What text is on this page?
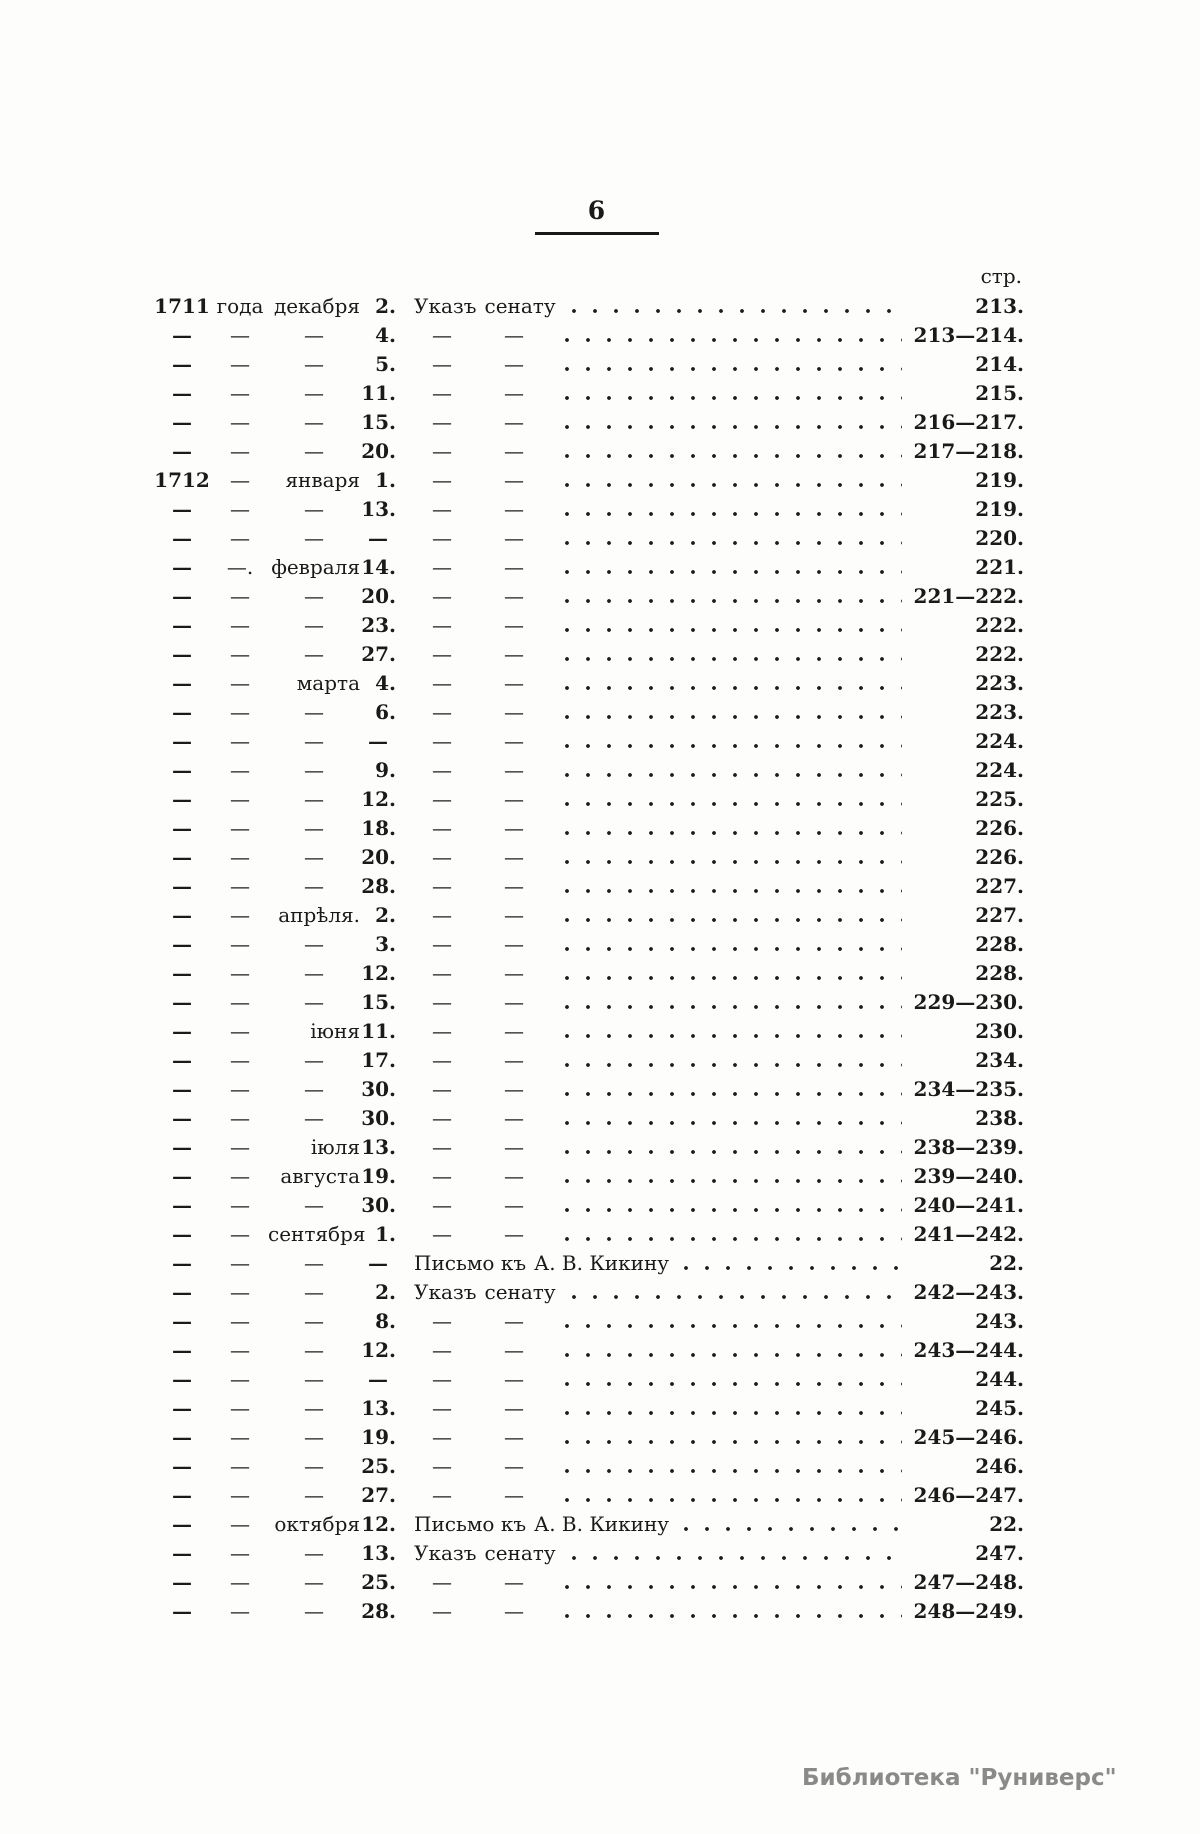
6
стр.
1711 года декабря 2. Указъ сенату	213.
—	—	—	4.	—	—	213—214.
—	—	—	5.	—	—	214.
—	—	—	11.	—	—	215.
—	—	—	15.	—	—	216—217.
—	—	—	20.	—	—	217—218.
1712	—	января 1.	—	—	219.
—	—	—	13.	—	—	219.
—	—	—	—	—	—	220.
—	—. февраля 14.	—	—	221.
—	—	—	20.	—	—	221—222.
—	—	—	23.	—	—	222.
—	—	—	27.	—	—	222.
—	—	марта 4.	—	—	223.
—	—	—	6.	—	—	223.
—	—	—	—	—	—	224.
—	—	—	9.	—	—	224.
—	—	—	12.	—	—	225.
—	—	—	18.	—	—	226.
—	—	—	20.	—	—	226.
—	—	—	28.	—	—	227.
—	—	апрѣля. 2.	—	—	227.
—	—	—	3.	—	—	228.
—	—	—	12.	—	—	228.
—	—	—	15.	—	—	229—230.
—	—	іюня 11.	—	—	230.
—	—	—	17.	—	—	234.
—	—	—	30.	—	—	234—235.
—	—	—	30.	—	—	238.
—	—	іюля 13.	—	—	238—239.
—	—	августа 19.	—	—	239—240.
—	—	—	30.	—	—	240—241.
—	— сентября 1.	—	—	241—242.
—	—	—	—	Письмо къ А. В. Кикину	22.
—	—	—	2. Указъ сенату	242—243.
—	—	—	8.	—	—	243.
—	—	—	12.	—	—	243—244.
—	—	—	—	—	—	244.
—	—	—	13.	—	—	245.
—	—	—	19.	—	—	245—246.
—	—	—	25.	—	—	246.
—	—	—	27.	—	—	246—247.
—	—	октября 12. Письмо къ А. В. Кикину	22.
—	—	—	13. Указъ сенату	247.
—	—	—	25.	—	—	247—248.
—	—	—	28.	—	—	248—249.
Библиотека "Руниверс"
